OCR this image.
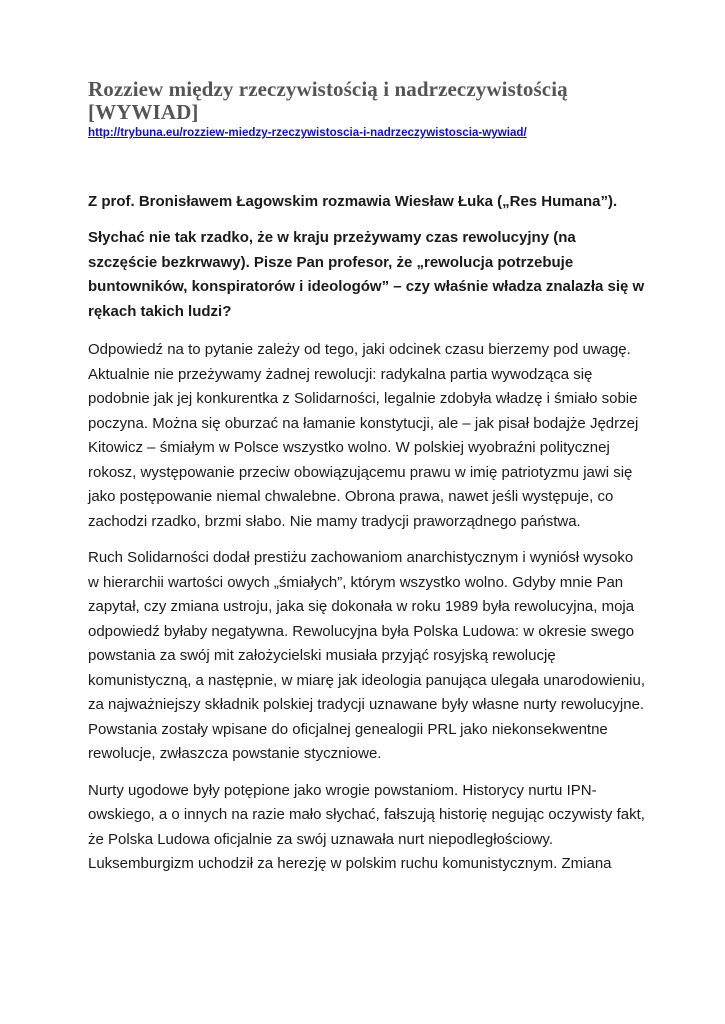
Rozziew między rzeczywistością i nadrzeczywistością [WYWIAD]
http://trybuna.eu/rozziew-miedzy-rzeczywistoscia-i-nadrzeczywistoscia-wywiad/

Z prof. Bronisławem Łagowskim rozmawia Wiesław Łuka („Res Humana”).

Słychać nie tak rzadko, że w kraju przeżywamy czas rewolucyjny (na szczęście bezkrwawy). Pisze Pan profesor, że „rewolucja potrzebuje buntowników, konspiratorów i ideologów” – czy właśnie władza znalazła się w rękach takich ludzi?

Odpowiedź na to pytanie zależy od tego, jaki odcinek czasu bierzemy pod uwagę. Aktualnie nie przeżywamy żadnej rewolucji: radykalna partia wywodząca się podobnie jak jej konkurentka z Solidarności, legalnie zdobyła władzę i śmiało sobie poczyna. Można się oburzać na łamanie konstytucji, ale – jak pisał bodajże Jędrzej Kitowicz – śmiałym w Polsce wszystko wolno. W polskiej wyobraźni politycznej rokosz, występowanie przeciw obowiązującemu prawu w imię patriotyzmu jawi się jako postępowanie niemal chwalebne. Obrona prawa, nawet jeśli występuje, co zachodzi rzadko, brzmi słabo. Nie mamy tradycji praworządnego państwa.

Ruch Solidarności dodał prestiżu zachowaniom anarchistycznym i wyniósł wysoko w hierarchii wartości owych „śmiałych”, którym wszystko wolno. Gdyby mnie Pan zapytał, czy zmiana ustroju, jaka się dokonała w roku 1989 była rewolucyjna, moja odpowiedź byłaby negatywna. Rewolucyjna była Polska Ludowa: w okresie swego powstania za swój mit założycielski musiała przyjąć rosyjską rewolucję komunistyczną, a następnie, w miarę jak ideologia panująca ulegała unarodowieniu, za najważniejszy składnik polskiej tradycji uznawane były własne nurty rewolucyjne. Powstania zostały wpisane do oficjalnej genealogii PRL jako niekonsekwentne rewolucje, zwłaszcza powstanie styczniowe.

Nurty ugodowe były potępione jako wrogie powstaniom. Historycy nurtu IPN-owskiego, a o innych na razie mało słychać, fałszują historię negując oczywisty fakt, że Polska Ludowa oficjalnie za swój uznawała nurt niepodległościowy. Luksemburgizm uchodził za herezję w polskim ruchu komunistycznym. Zmiana
